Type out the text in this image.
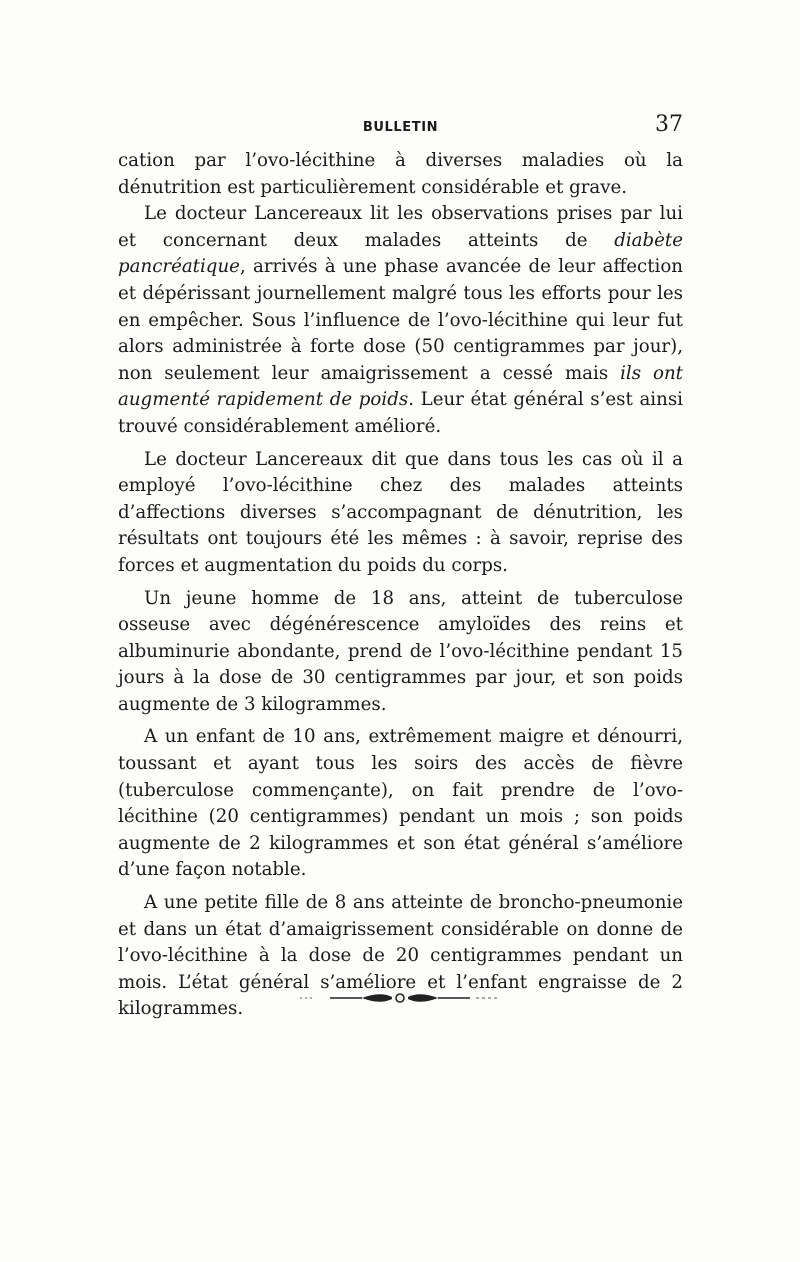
BULLETIN	37

cation par l’ovo-lécithine à diverses maladies où la dénutrition est particulièrement considérable et grave.

Le docteur Lancereaux lit les observations prises par lui et concernant deux malades atteints de diabète pancréatique, arrivés à une phase avancée de leur affection et dépérissant journellement malgré tous les efforts pour les en empêcher. Sous l’influence de l’ovo-lécithine qui leur fut alors administrée à forte dose (50 centigrammes par jour), non seulement leur amaigrissement a cessé mais ils ont augmenté rapidement de poids. Leur état général s’est ainsi trouvé considérablement amélioré.

Le docteur Lancereaux dit que dans tous les cas où il a employé l’ovo-lécithine chez des malades atteints d’affections diverses s’accompagnant de dénutrition, les résultats ont toujours été les mêmes : à savoir, reprise des forces et augmentation du poids du corps.

Un jeune homme de 18 ans, atteint de tuberculose osseuse avec dégénérescence amyloïdes des reins et albuminurie abondante, prend de l’ovo-lécithine pendant 15 jours à la dose de 30 centigrammes par jour, et son poids augmente de 3 kilogrammes.

A un enfant de 10 ans, extrêmement maigre et dénourri, toussant et ayant tous les soirs des accès de fièvre (tuberculose commençante), on fait prendre de l’ovo-lécithine (20 centigrammes) pendant un mois ; son poids augmente de 2 kilogrammes et son état général s’améliore d’une façon notable.

A une petite fille de 8 ans atteinte de broncho-pneumonie et dans un état d’amaigrissement considérable on donne de l’ovo-lécithine à la dose de 20 centigrammes pendant un mois. L’état général s’améliore et l’enfant engraisse de 2 kilogrammes.
